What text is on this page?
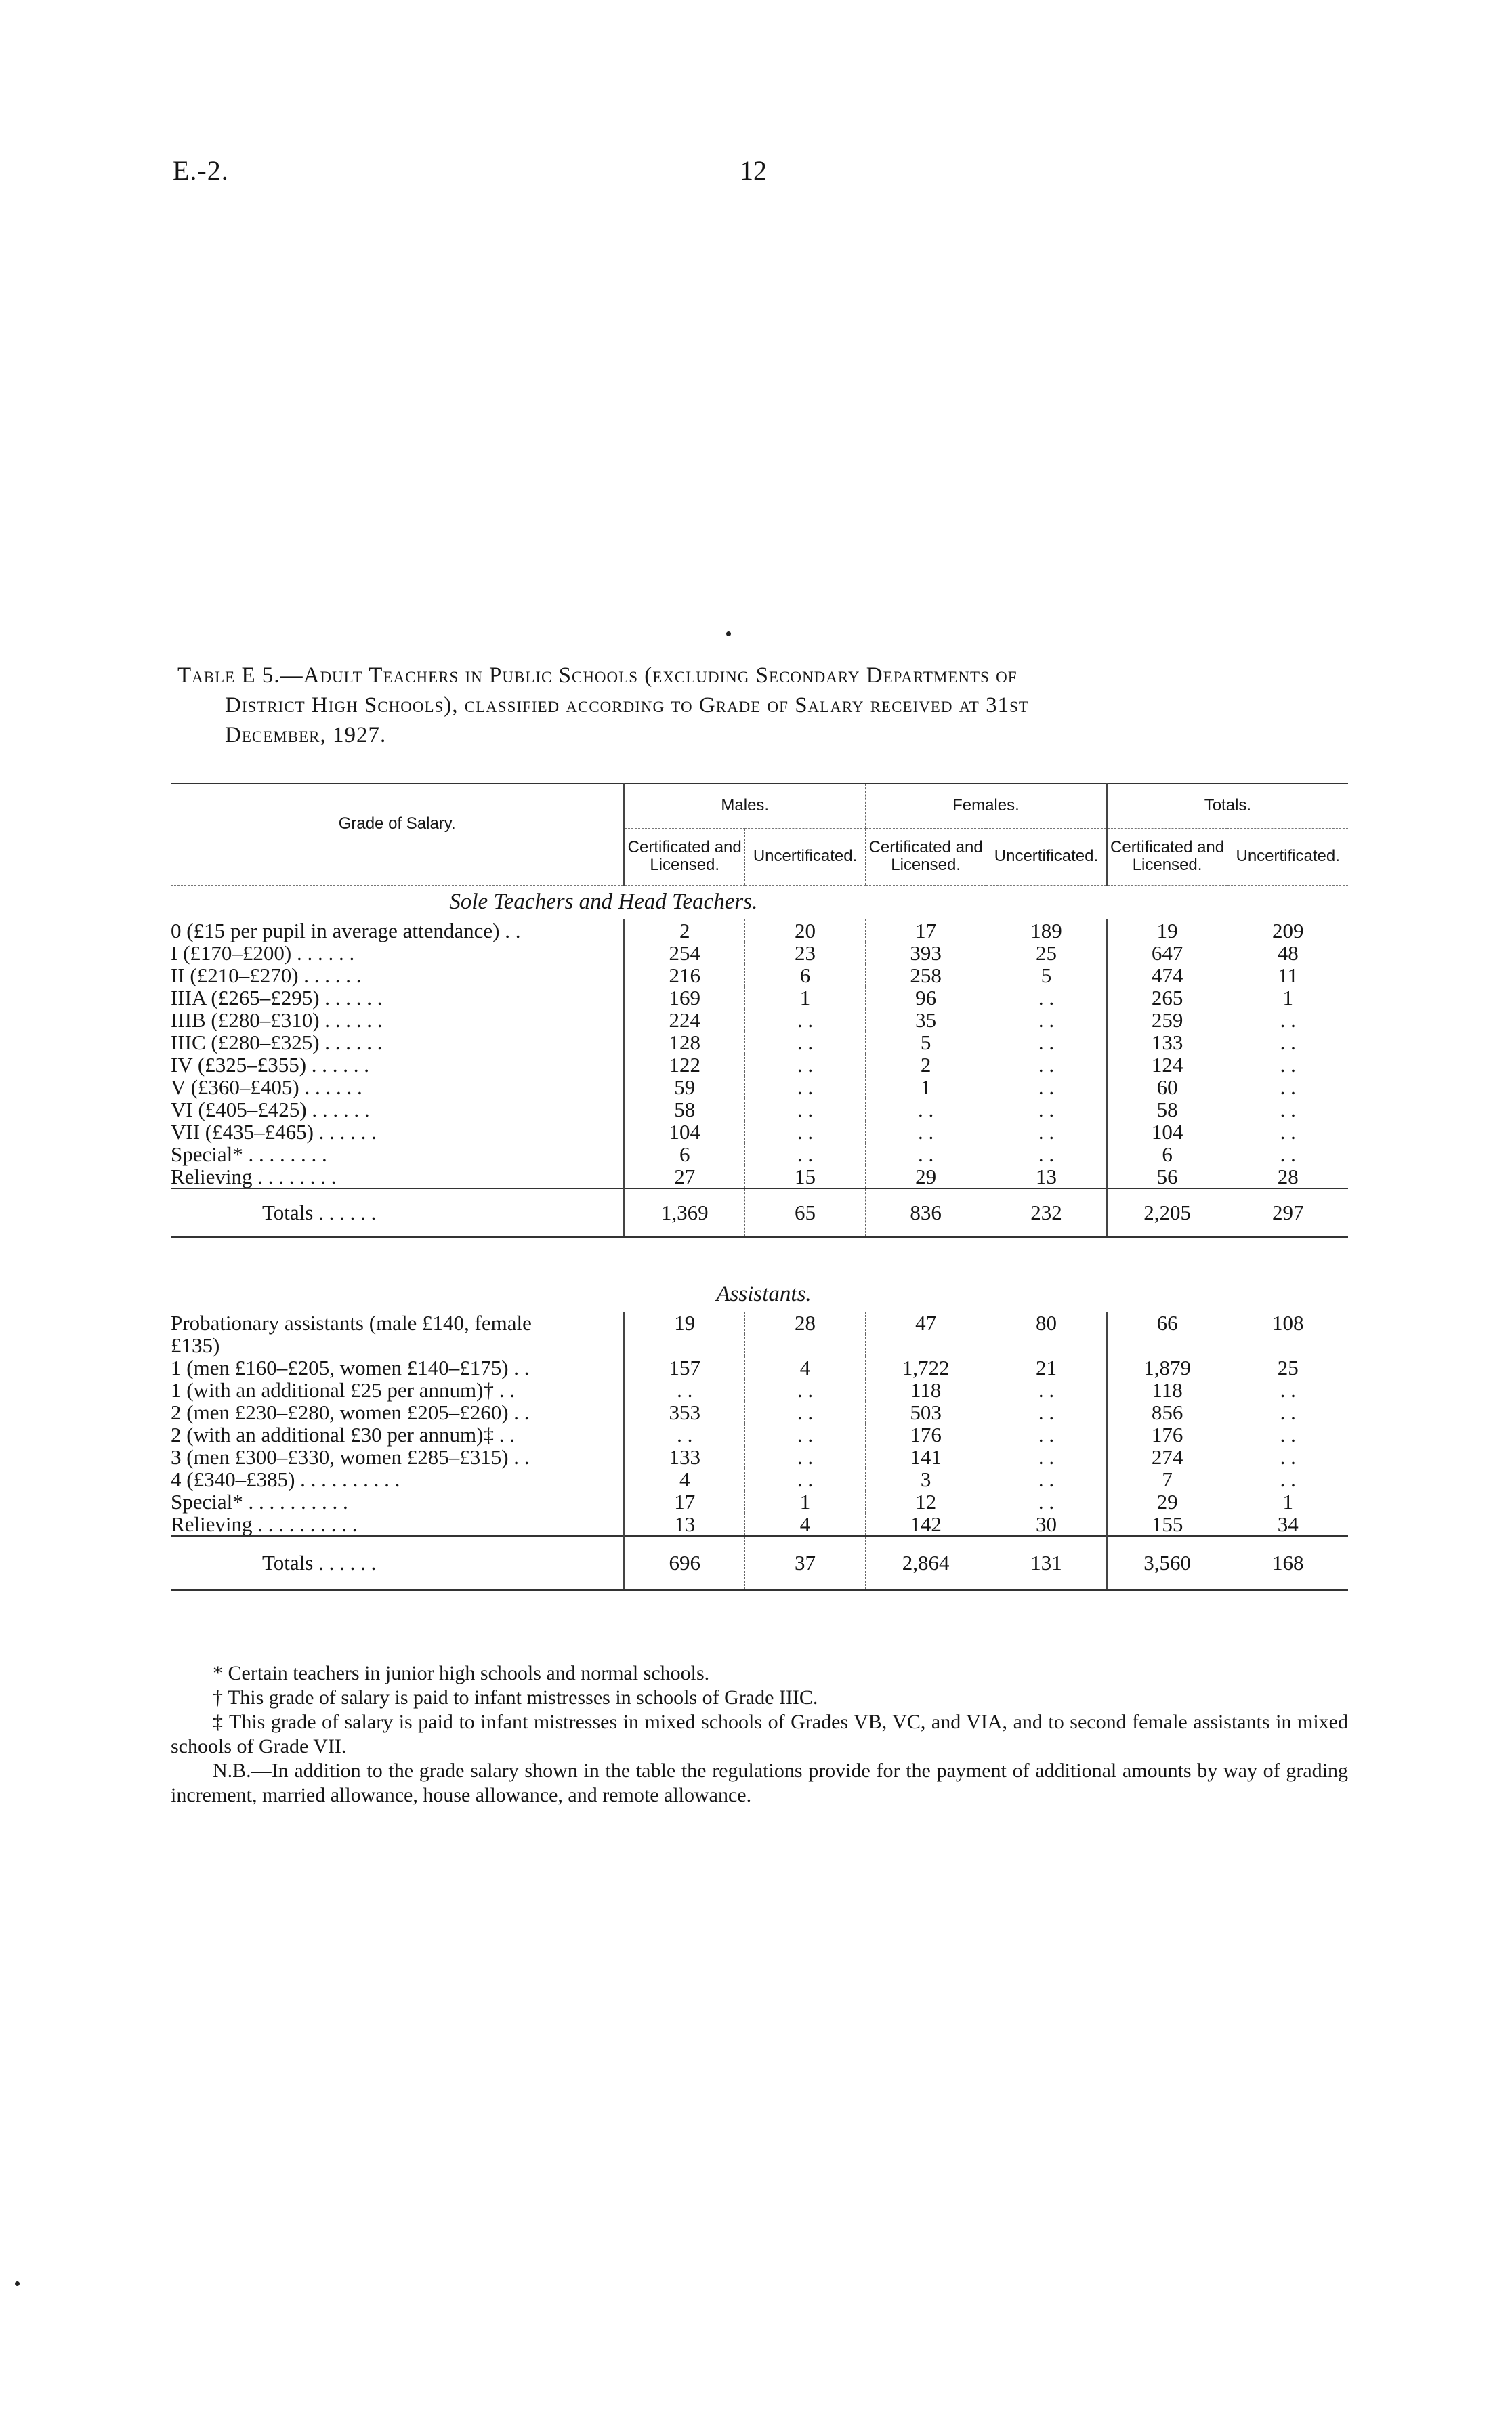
E.-2.	12
Table E 5.—Adult Teachers in Public Schools (excluding Secondary Departments of
District High Schools), classified according to Grade of Salary received at 31st
December, 1927.
Grade of Salary.	Males.		Females.		Totals.	
	Certificated and Licensed.	Uncertificated.	Certificated and Licensed.	Uncertificated.	Certificated and Licensed.	Uncertificated.
	Sole Teachers and Head Teachers.					
0 (£15 per pupil in average attendance) . .	2	20	17	189	19	209
I (£170–£200) . . . . . .	254	23	393	25	647	48
II (£210–£270) . . . . . .	216	6	258	5	474	11
IIIA (£265–£295) . . . . . .	169	1	96	. .	265	1
IIIB (£280–£310) . . . . . .	224	. .	35	. .	259	. .
IIIC (£280–£325) . . . . . .	128	. .	5	. .	133	. .
IV (£325–£355) . . . . . .	122	. .	2	. .	124	. .
V (£360–£405) . . . . . .	59	. .	1	. .	60	. .
VI (£405–£425) . . . . . .	58	. .	. .	. .	58	. .
VII (£435–£465) . . . . . .	104	. .	. .	. .	104	. .
Special* . . . . . . . .	6	. .	. .	. .	6	. .
Relieving . . . . . . . .	27	15	29	13	56	28
Totals . . . . . .	1,369	65	836	232	2,205	297

	Assistants.					
Probationary assistants (male £140, female	19	28	47	80	66	108
£135)						
1 (men £160–£205, women £140–£175) . .	157	4	1,722	21	1,879	25
1 (with an additional £25 per annum)† . .	. .	. .	118	. .	118	. .
2 (men £230–£280, women £205–£260) . .	353	. .	503	. .	856	. .
2 (with an additional £30 per annum)‡ . .	. .	. .	176	. .	176	. .
3 (men £300–£330, women £285–£315) . .	133	. .	141	. .	274	. .
4 (£340–£385) . . . . . . . . . .	4	. .	3	. .	7	. .
Special* . . . . . . . . . .	17	1	12	. .	29	1
Relieving . . . . . . . . . .	13	4	142	30	155	34
Totals . . . . . .	696	37	2,864	131	3,560	168

* Certain teachers in junior high schools and normal schools.

† This grade of salary is paid to infant mistresses in schools of Grade IIIC.

‡ This grade of salary is paid to infant mistresses in mixed schools of Grades VB, VC, and VIA, and to second female assistants in mixed schools of Grade VII.

N.B.—In addition to the grade salary shown in the table the regulations provide for the payment of additional amounts by way of grading increment, married allowance, house allowance, and remote allowance.
